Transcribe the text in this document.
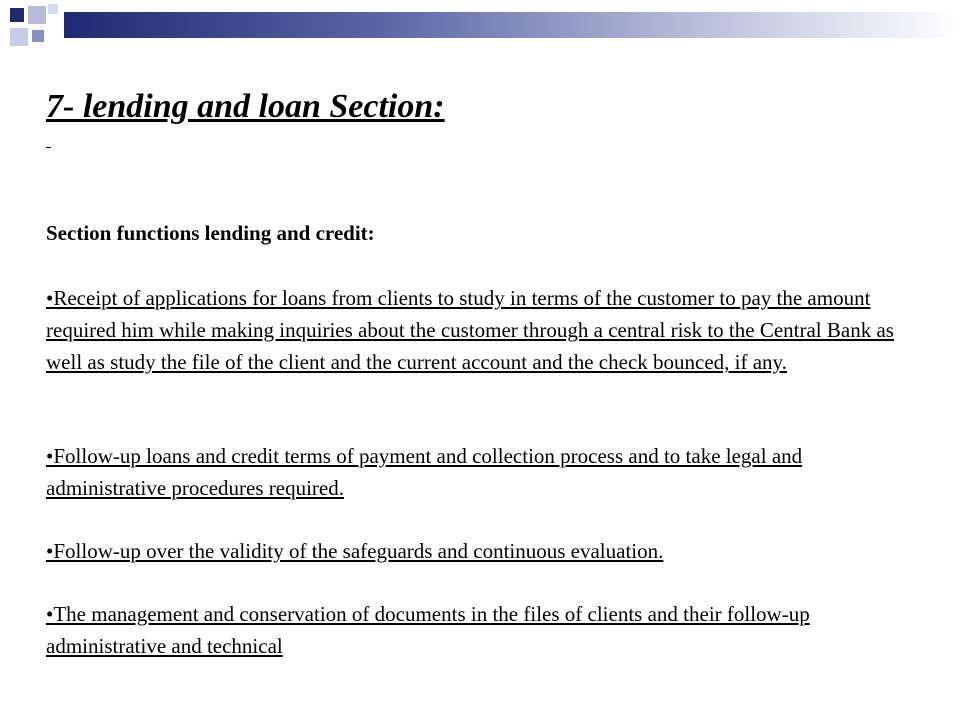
7- lending and loan Section:

Section functions lending and credit:

•Receipt of applications for loans from clients to study in terms of the customer to pay the amount required him while making inquiries about the customer through a central risk to the Central Bank as well as study the file of the client and the current account and the check bounced, if any.

•Follow-up loans and credit terms of payment and collection process and to take legal and administrative procedures required.

•Follow-up over the validity of the safeguards and continuous evaluation.

•The management and conservation of documents in the files of clients and their follow-up administrative and technical
